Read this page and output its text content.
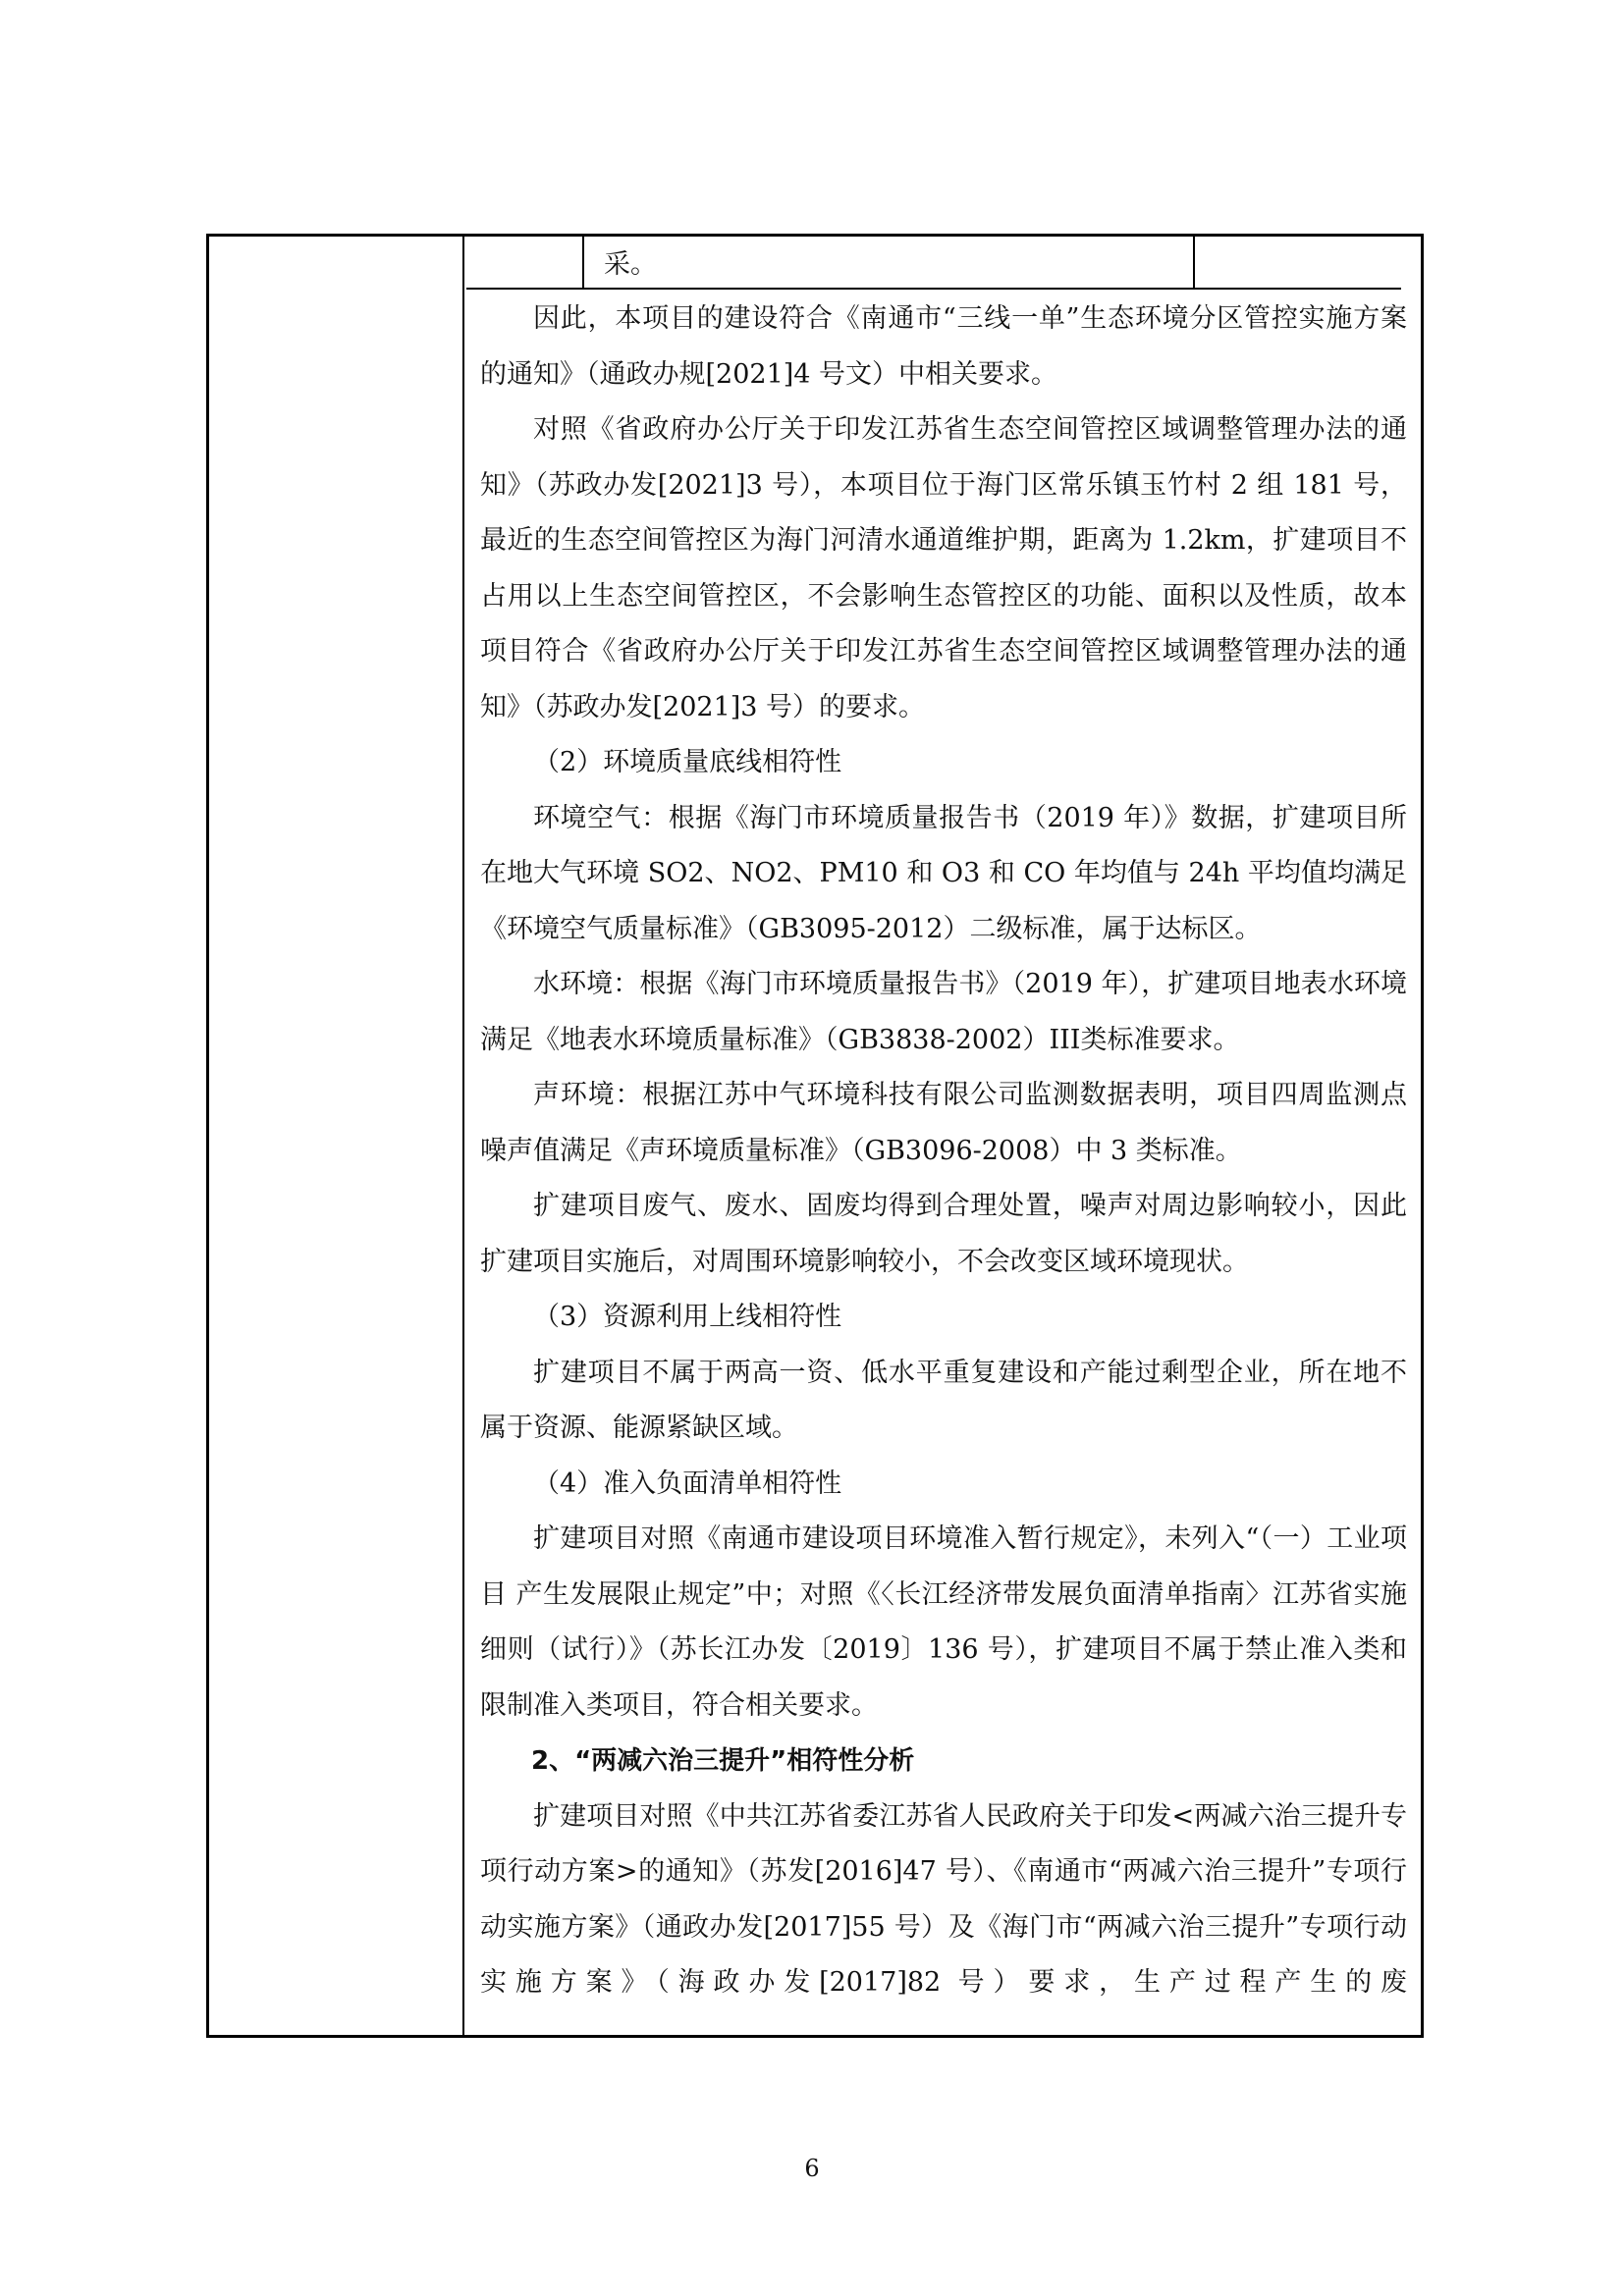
采。

因此，本项目的建设符合《南通市“三线一单”生态环境分区管控实施方案的通知》（通政办规[2021]4 号文）中相关要求。

对照《省政府办公厅关于印发江苏省生态空间管控区域调整管理办法的通知》（苏政办发[2021]3 号），本项目位于海门区常乐镇玉竹村 2 组 181 号，最近的生态空间管控区为海门河清水通道维护期，距离为 1.2km，扩建项目不占用以上生态空间管控区，不会影响生态管控区的功能、面积以及性质，故本项目符合《省政府办公厅关于印发江苏省生态空间管控区域调整管理办法的通知》（苏政办发[2021]3 号）的要求。

（2）环境质量底线相符性

环境空气：根据《海门市环境质量报告书（2019 年）》数据，扩建项目所在地大气环境 SO2、NO2、PM10 和 O3 和 CO 年均值与 24h 平均值均满足《环境空气质量标准》（GB3095-2012）二级标准，属于达标区。

水环境：根据《海门市环境质量报告书》（2019 年），扩建项目地表水环境满足《地表水环境质量标准》（GB3838-2002）III类标准要求。

声环境：根据江苏中气环境科技有限公司监测数据表明，项目四周监测点噪声值满足《声环境质量标准》（GB3096-2008）中 3 类标准。

扩建项目废气、废水、固废均得到合理处置，噪声对周边影响较小，因此扩建项目实施后，对周围环境影响较小，不会改变区域环境现状。

（3）资源利用上线相符性

扩建项目不属于两高一资、低水平重复建设和产能过剩型企业，所在地不属于资源、能源紧缺区域。

（4）准入负面清单相符性

扩建项目对照《南通市建设项目环境准入暂行规定》，未列入“（一）工业项目 产生发展限止规定”中；对照《〈长江经济带发展负面清单指南〉江苏省实施细则（试行）》（苏长江办发〔2019〕136 号），扩建项目不属于禁止准入类和限制准入类项目，符合相关要求。

2、“两减六治三提升”相符性分析

扩建项目对照《中共江苏省委江苏省人民政府关于印发<两减六治三提升专项行动方案>的通知》（苏发[2016]47 号）、《南通市“两减六治三提升”专项行动实施方案》（通政办发[2017]55 号）及《海门市“两减六治三提升”专项行动实施方案》（海政办发[2017]82 号）要求，生产过程产生的废

6
